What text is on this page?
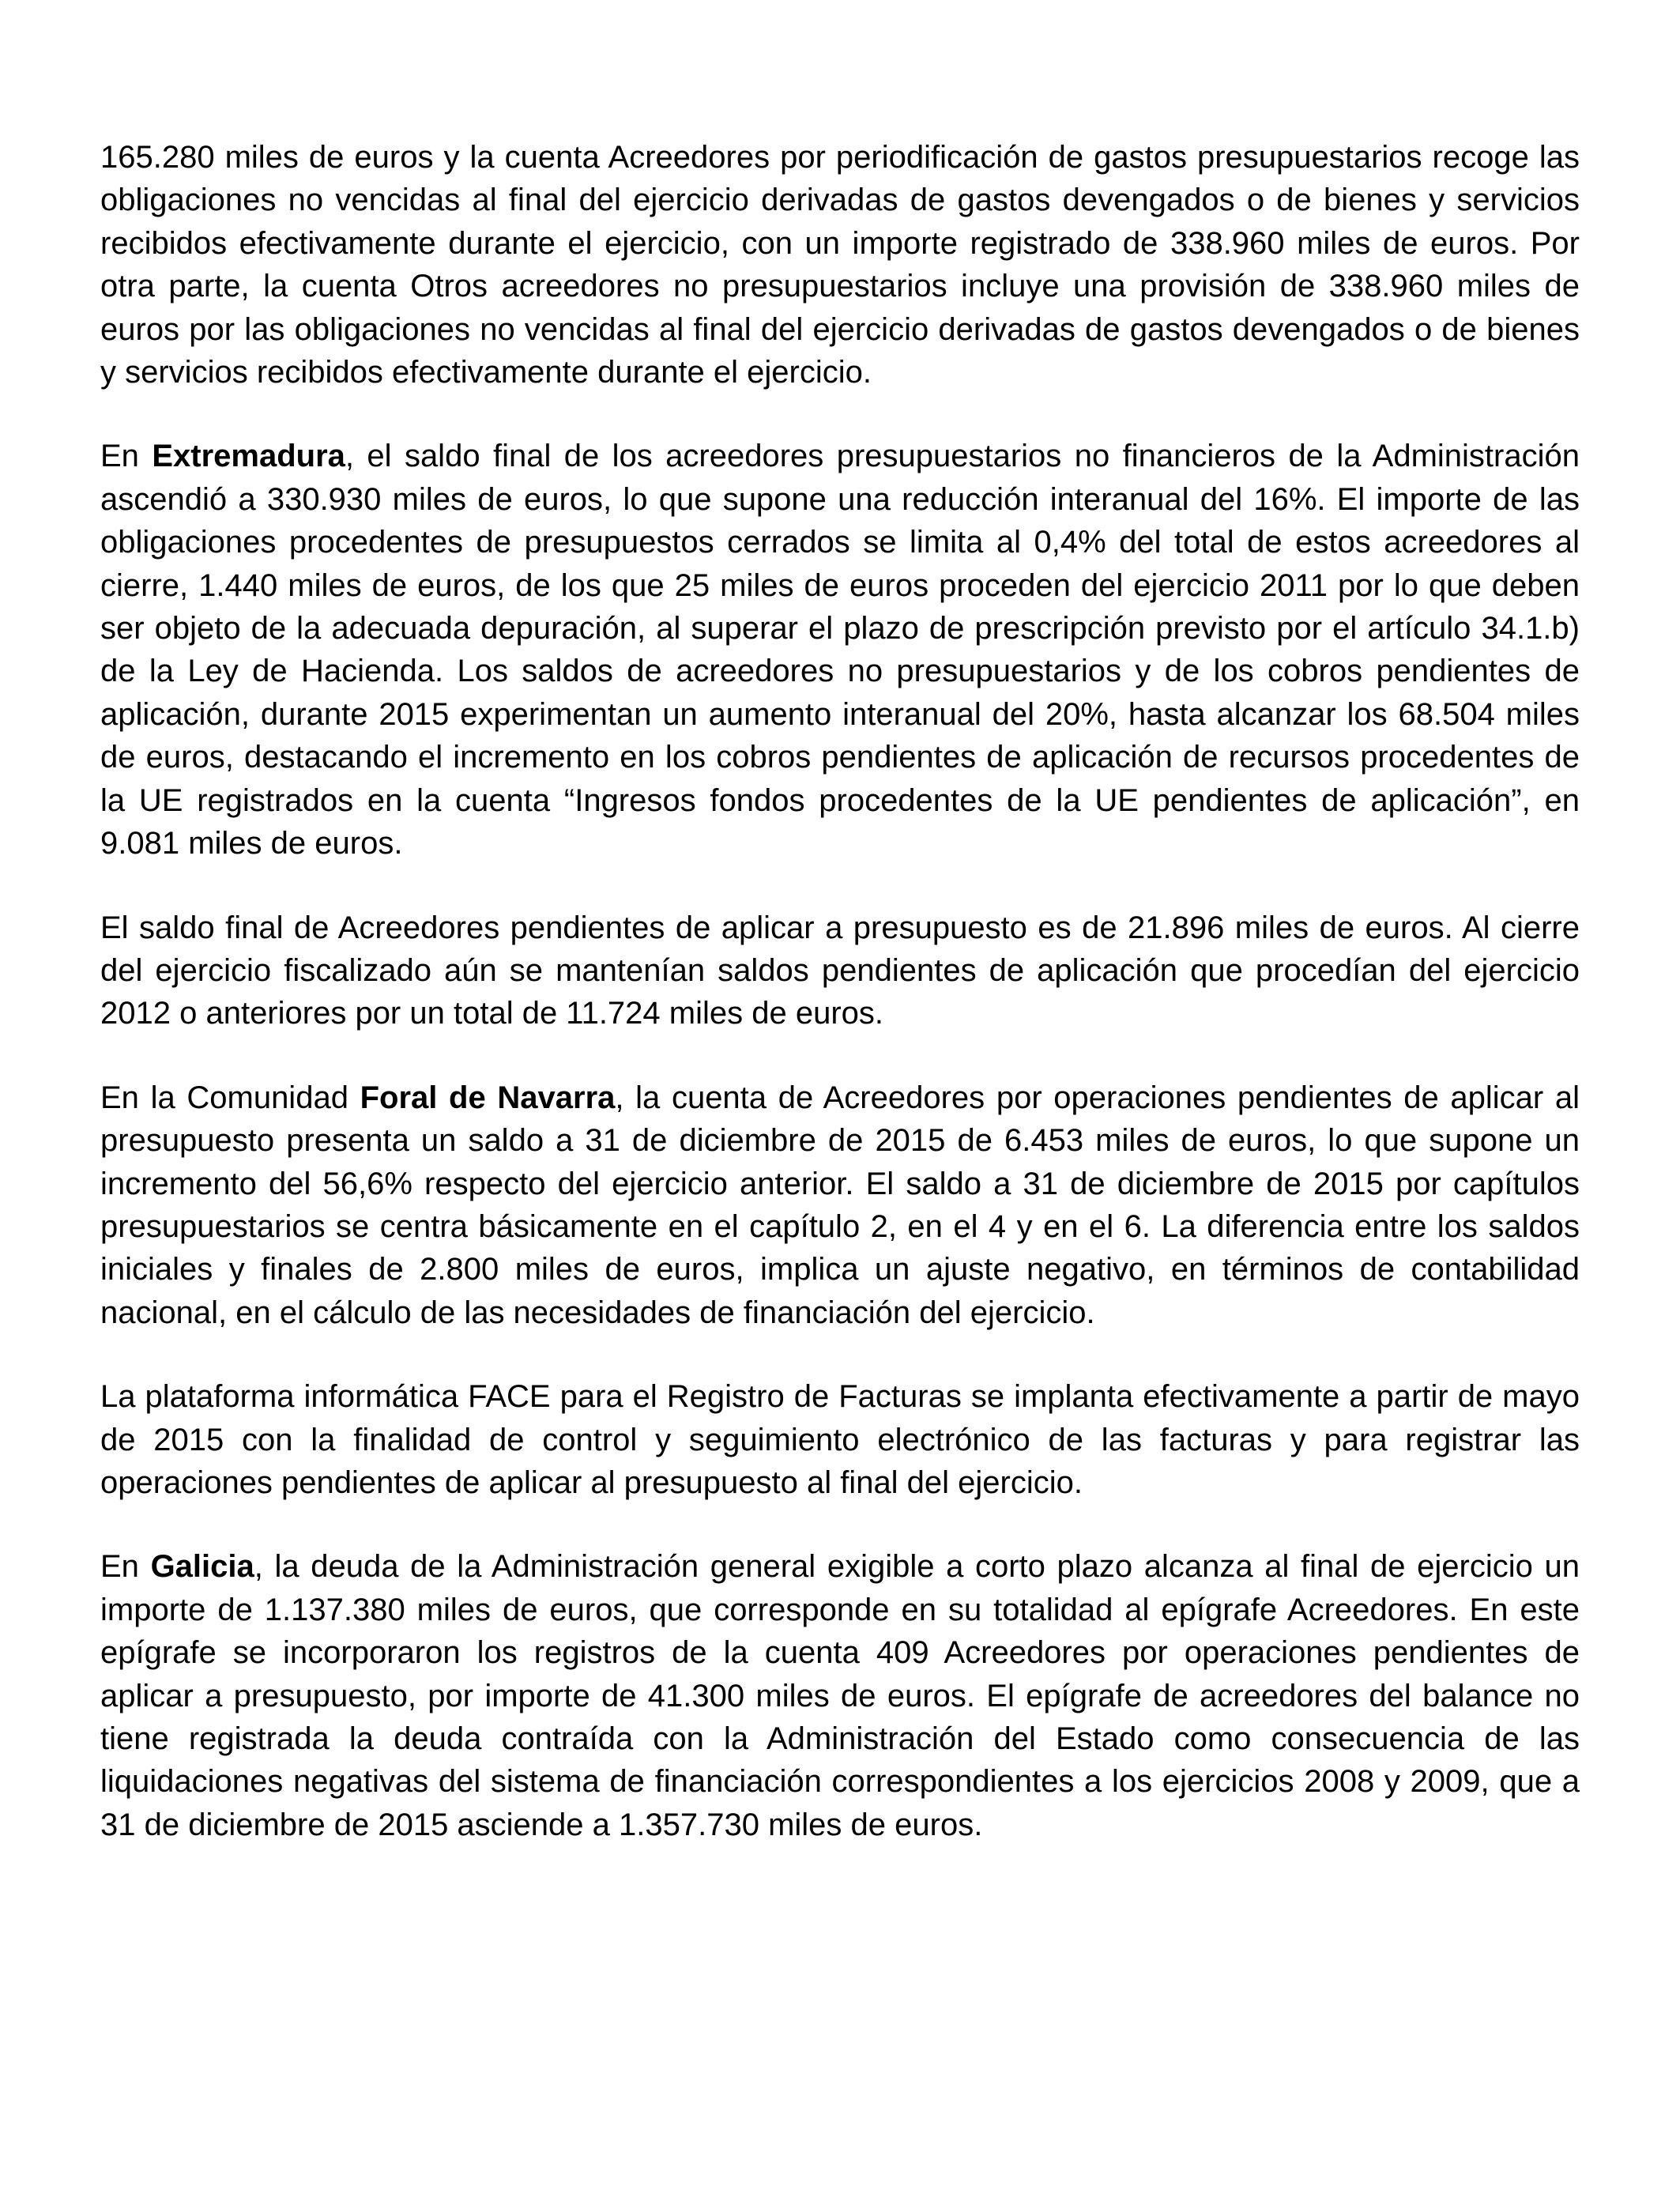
165.280 miles de euros y la cuenta Acreedores por periodificación de gastos presupuestarios recoge las obligaciones no vencidas al final del ejercicio derivadas de gastos devengados o de bienes y servicios recibidos efectivamente durante el ejercicio, con un importe registrado de 338.960 miles de euros. Por otra parte, la cuenta Otros acreedores no presupuestarios incluye una provisión de 338.960 miles de euros por las obligaciones no vencidas al final del ejercicio derivadas de gastos devengados o de bienes y servicios recibidos efectivamente durante el ejercicio.

En Extremadura, el saldo final de los acreedores presupuestarios no financieros de la Administración ascendió a 330.930 miles de euros, lo que supone una reducción interanual del 16%. El importe de las obligaciones procedentes de presupuestos cerrados se limita al 0,4% del total de estos acreedores al cierre, 1.440 miles de euros, de los que 25 miles de euros proceden del ejercicio 2011 por lo que deben ser objeto de la adecuada depuración, al superar el plazo de prescripción previsto por el artículo 34.1.b) de la Ley de Hacienda. Los saldos de acreedores no presupuestarios y de los cobros pendientes de aplicación, durante 2015 experimentan un aumento interanual del 20%, hasta alcanzar los 68.504 miles de euros, destacando el incremento en los cobros pendientes de aplicación de recursos procedentes de la UE registrados en la cuenta “Ingresos fondos procedentes de la UE pendientes de aplicación”, en 9.081 miles de euros.

El saldo final de Acreedores pendientes de aplicar a presupuesto es de 21.896 miles de euros. Al cierre del ejercicio fiscalizado aún se mantenían saldos pendientes de aplicación que procedían del ejercicio 2012 o anteriores por un total de 11.724 miles de euros.

En la Comunidad Foral de Navarra, la cuenta de Acreedores por operaciones pendientes de aplicar al presupuesto presenta un saldo a 31 de diciembre de 2015 de 6.453 miles de euros, lo que supone un incremento del 56,6% respecto del ejercicio anterior. El saldo a 31 de diciembre de 2015 por capítulos presupuestarios se centra básicamente en el capítulo 2, en el 4 y en el 6. La diferencia entre los saldos iniciales y finales de 2.800 miles de euros, implica un ajuste negativo, en términos de contabilidad nacional, en el cálculo de las necesidades de financiación del ejercicio.

La plataforma informática FACE para el Registro de Facturas se implanta efectivamente a partir de mayo de 2015 con la finalidad de control y seguimiento electrónico de las facturas y para registrar las operaciones pendientes de aplicar al presupuesto al final del ejercicio.

En Galicia, la deuda de la Administración general exigible a corto plazo alcanza al final de ejercicio un importe de 1.137.380 miles de euros, que corresponde en su totalidad al epígrafe Acreedores. En este epígrafe se incorporaron los registros de la cuenta 409 Acreedores por operaciones pendientes de aplicar a presupuesto, por importe de 41.300 miles de euros. El epígrafe de acreedores del balance no tiene registrada la deuda contraída con la Administración del Estado como consecuencia de las liquidaciones negativas del sistema de financiación correspondientes a los ejercicios 2008 y 2009, que a 31 de diciembre de 2015 asciende a 1.357.730 miles de euros.
